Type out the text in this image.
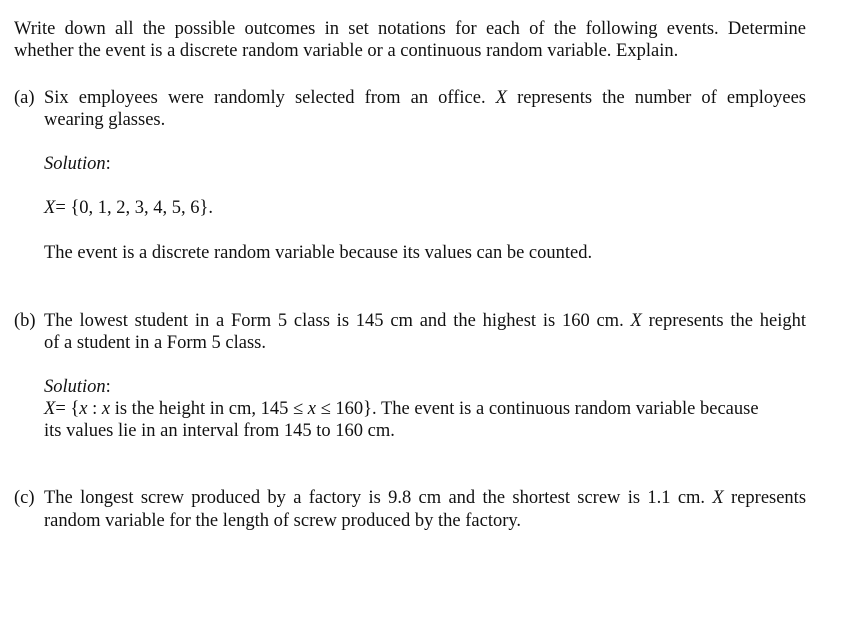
Write down all the possible outcomes in set notations for each of the following events. Determine
whether the event is a discrete random variable or a continuous random variable. Explain.
(a) Six employees were randomly selected from an office. X represents the number of employees
wearing glasses.
Solution:
X= {0, 1, 2, 3, 4, 5, 6}.
The event is a discrete random variable because its values can be counted.
(b) The lowest student in a Form 5 class is 145 cm and the highest is 160 cm. X represents the height
of a student in a Form 5 class.
Solution:
X= {x : x is the height in cm, 145 ≤ x ≤ 160}. The event is a continuous random variable because
its values lie in an interval from 145 to 160 cm.
(c) The longest screw produced by a factory is 9.8 cm and the shortest screw is 1.1 cm. X represents
random variable for the length of screw produced by the factory.
